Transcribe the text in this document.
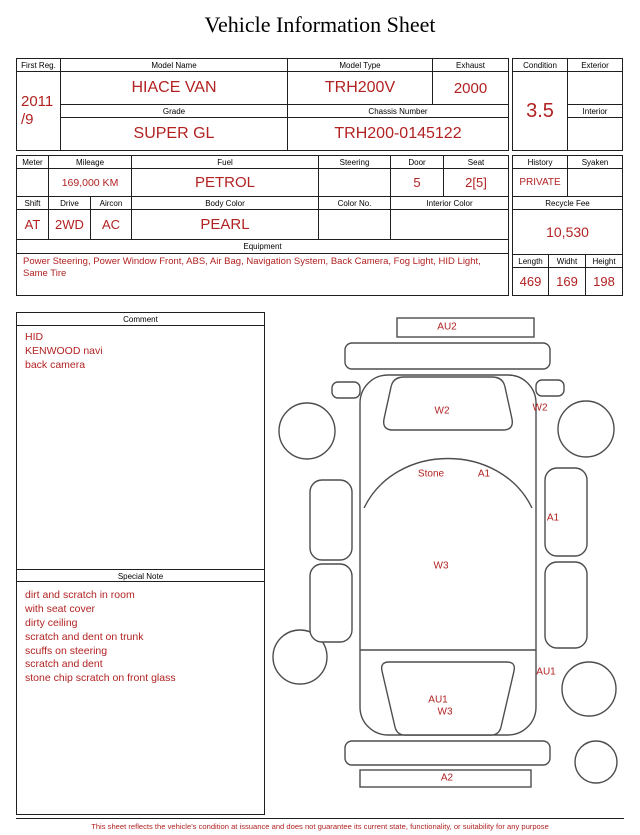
Vehicle Information Sheet
First Reg.	Model Name	Model Type	Exhaust

2011
/9	HIACE VAN	TRH200V	2000
	Grade	Chassis Number	
	SUPER GL	TRH200-0145122	
Condition	Exterior
3.5	
	Interior

Meter	Mileage		Fuel	Steering	Door	Seat
	169,000 KM		PETROL		5	2[5]
Shift	Drive	Aircon	Body Color	Color No.	Interior Color	
AT	2WD	AC	PEARL			
Equipment						
Power Steering, Power Window Front, ABS, Air Bag, Navigation System, Back Camera, Fog Light, HID Light, Same Tire						
History		Syaken	
PRIVATE			
Recycle Fee			
10,530			
Length	Widht		Height
469	169		198
Comment
HID
KENWOOD navi
back camera
Special Note
dirt and scratch in room
with seat cover
dirty ceiling
scratch and dent on trunk
scuffs on steering
scratch and dent
stone chip scratch on front glass
AU2
W2	W2
Stone	A1
A1
W3
AU1
AU1
W3
A2
This sheet reflects the vehicle's condition at issuance and does not guarantee its current state, functionality, or suitability for any purpose
